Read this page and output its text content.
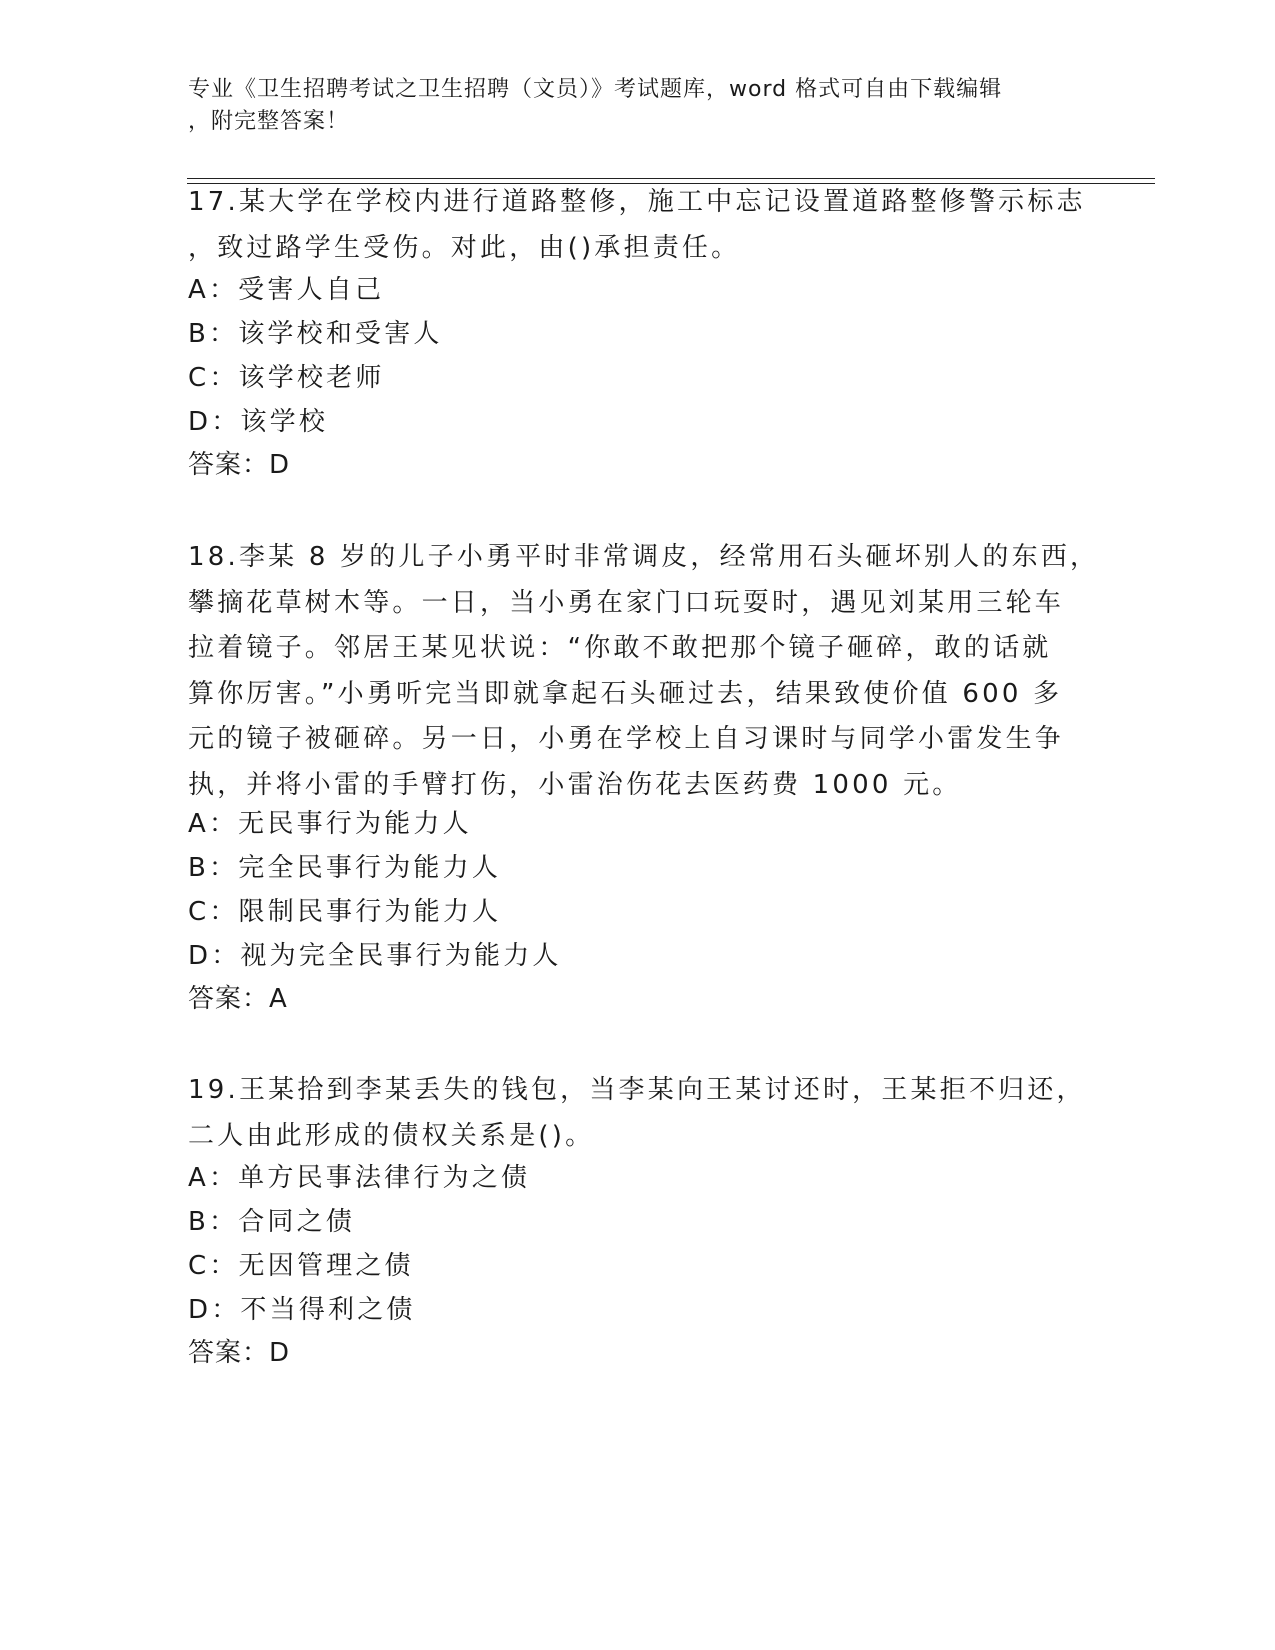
专业《卫生招聘考试之卫生招聘（文员）》考试题库，word 格式可自由下载编辑
，附完整答案！
17.某大学在学校内进行道路整修，施工中忘记设置道路整修警示标志
，致过路学生受伤。对此，由()承担责任。
A：受害人自己
B：该学校和受害人
C：该学校老师
D：该学校
答案：D
18.李某 8 岁的儿子小勇平时非常调皮，经常用石头砸坏别人的东西，
攀摘花草树木等。一日，当小勇在家门口玩耍时，遇见刘某用三轮车
拉着镜子。邻居王某见状说：“你敢不敢把那个镜子砸碎，敢的话就
算你厉害。”小勇听完当即就拿起石头砸过去，结果致使价值 600 多
元的镜子被砸碎。另一日，小勇在学校上自习课时与同学小雷发生争
执，并将小雷的手臂打伤，小雷治伤花去医药费 1000 元。
A：无民事行为能力人
B：完全民事行为能力人
C：限制民事行为能力人
D：视为完全民事行为能力人
答案：A
19.王某拾到李某丢失的钱包，当李某向王某讨还时，王某拒不归还，
二人由此形成的债权关系是()。
A：单方民事法律行为之债
B：合同之债
C：无因管理之债
D：不当得利之债
答案：D
